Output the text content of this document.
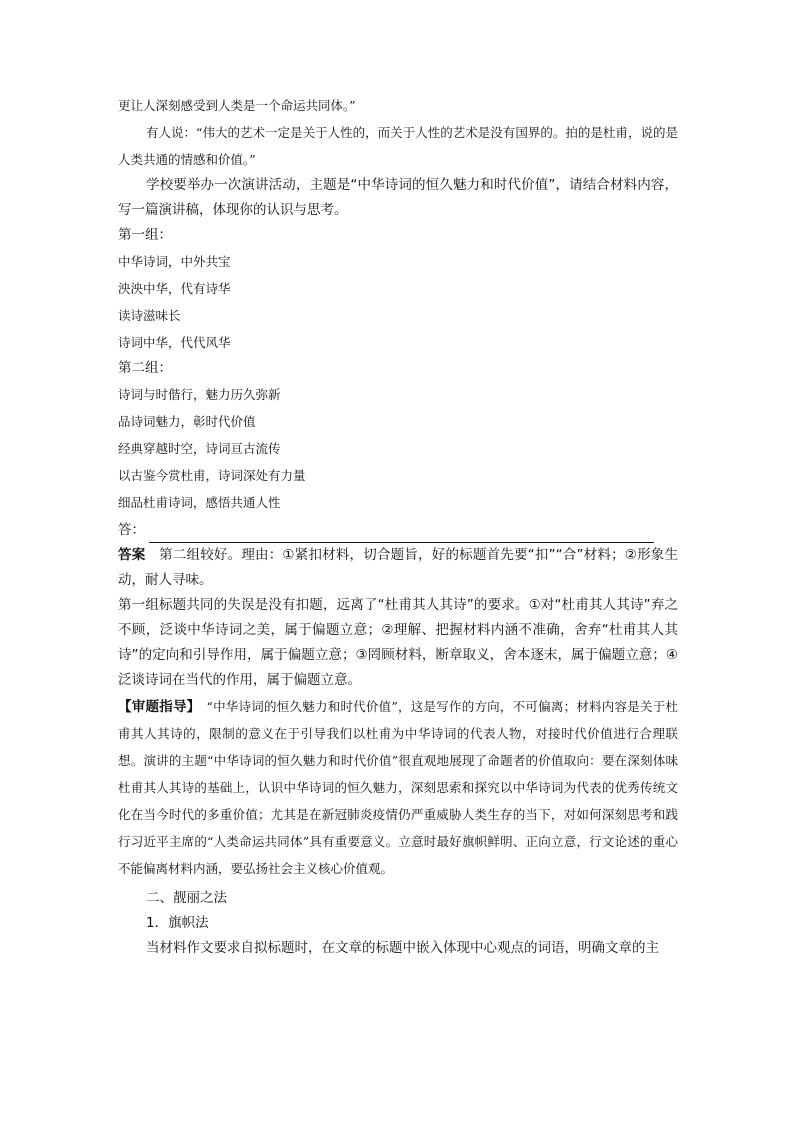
更让人深刻感受到人类是一个命运共同体。”

有人说：“伟大的艺术一定是关于人性的，而关于人性的艺术是没有国界的。拍的是杜甫，说的是人类共通的情感和价值。”

学校要举办一次演讲活动，主题是“中华诗词的恒久魅力和时代价值”，请结合材料内容，写一篇演讲稿，体现你的认识与思考。

第一组：

中华诗词，中外共宝

泱泱中华，代有诗华

读诗滋味长

诗词中华，代代风华

第二组：

诗词与时偕行，魅力历久弥新

品诗词魅力，彰时代价值

经典穿越时空，诗词亘古流传

以古鉴今赏杜甫，诗词深处有力量

细品杜甫诗词，感悟共通人性

答：

答案　 第二组较好。理由：①紧扣材料，切合题旨，好的标题首先要“扣”“合”材料；②形象生动，耐人寻味。

第一组标题共同的失误是没有扣题，远离了“杜甫其人其诗”的要求。①对“杜甫其人其诗”弃之不顾，泛谈中华诗词之美，属于偏题立意；②理解、把握材料内涵不准确，舍弃“杜甫其人其诗”的定向和引导作用，属于偏题立意；③罔顾材料，断章取义，舍本逐末，属于偏题立意；④泛谈诗词在当代的作用，属于偏题立意。

【审题指导】　 “中华诗词的恒久魅力和时代价值”，这是写作的方向，不可偏离；材料内容是关于杜甫其人其诗的，限制的意义在于引导我们以杜甫为中华诗词的代表人物，对接时代价值进行合理联想。演讲的主题“中华诗词的恒久魅力和时代价值”很直观地展现了命题者的价值取向：要在深刻体味杜甫其人其诗的基础上，认识中华诗词的恒久魅力，深刻思索和探究以中华诗词为代表的优秀传统文化在当今时代的多重价值；尤其是在新冠肺炎疫情仍严重威胁人类生存的当下，对如何深刻思考和践行习近平主席的“人类命运共同体”具有重要意义。立意时最好旗帜鲜明、正向立意，行文论述的重心不能偏离材料内涵，要弘扬社会主义核心价值观。

二、靓丽之法

1．旗帜法

当材料作文要求自拟标题时，在文章的标题中嵌入体现中心观点的词语，明确文章的主
